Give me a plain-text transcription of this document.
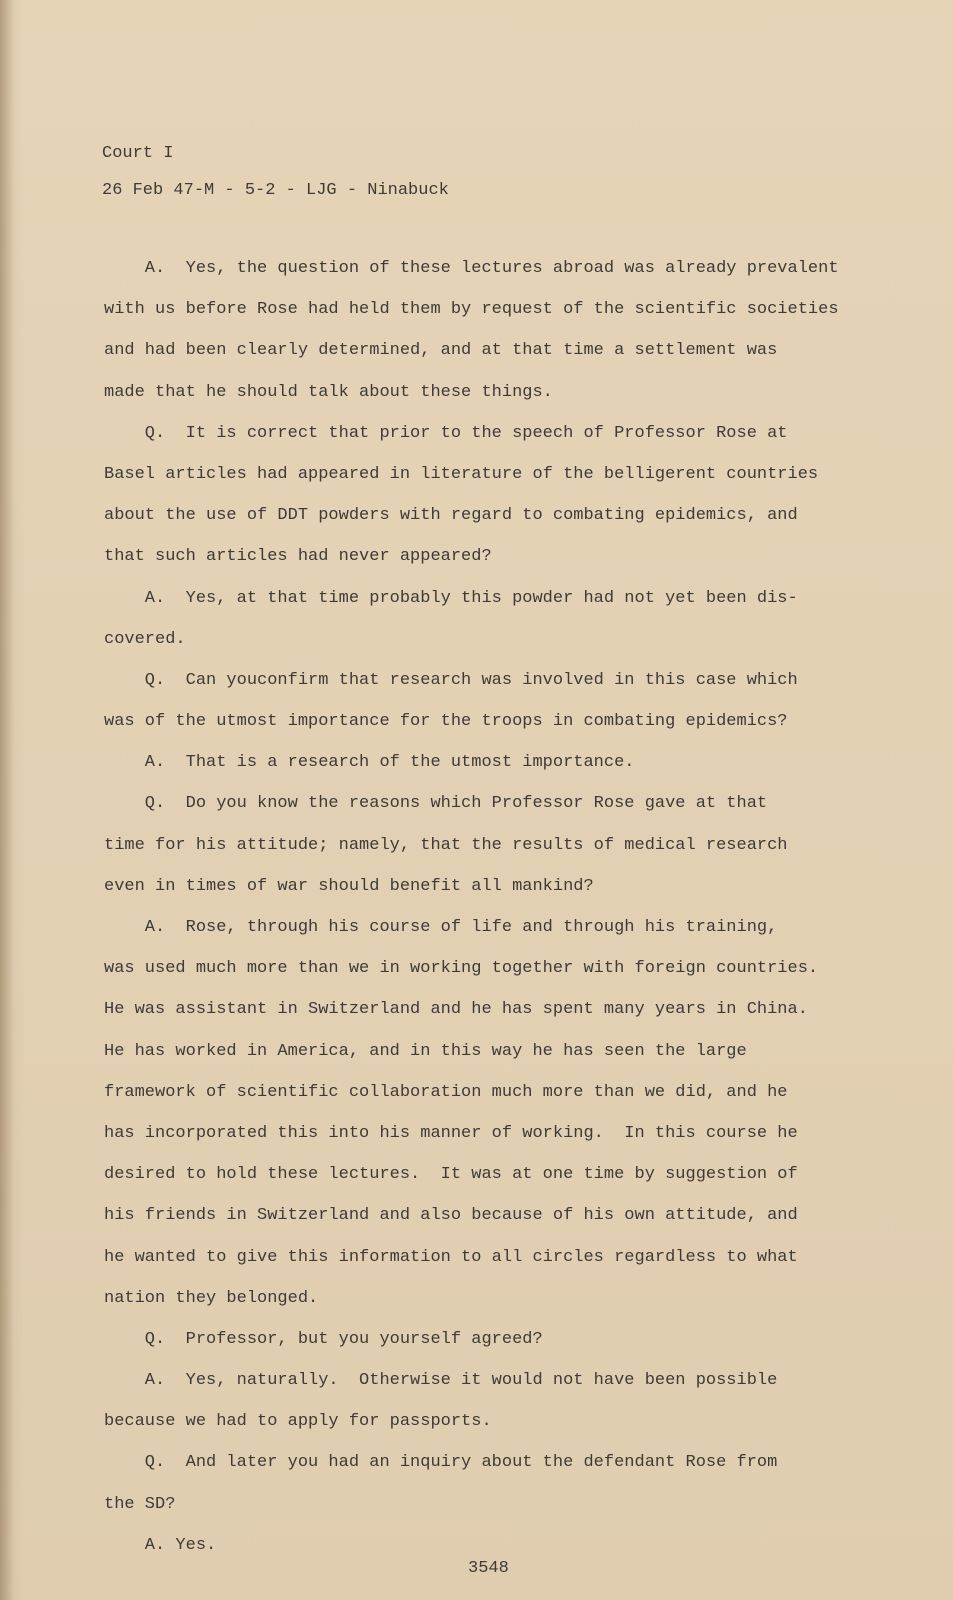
Court I
26 Feb 47-M - 5-2 - LJG - Ninabuck
A.  Yes, the question of these lectures abroad was already prevalent
with us before Rose had held them by request of the scientific societies
and had been clearly determined, and at that time a settlement was
made that he should talk about these things.
Q.  It is correct that prior to the speech of Professor Rose at
Basel articles had appeared in literature of the belligerent countries
about the use of DDT powders with regard to combating epidemics, and
that such articles had never appeared?
A.  Yes, at that time probably this powder had not yet been dis-
covered.
Q.  Can youconfirm that research was involved in this case which
was of the utmost importance for the troops in combating epidemics?
A.  That is a research of the utmost importance.
Q.  Do you know the reasons which Professor Rose gave at that
time for his attitude; namely, that the results of medical research
even in times of war should benefit all mankind?
A.  Rose, through his course of life and through his training,
was used much more than we in working together with foreign countries.
He was assistant in Switzerland and he has spent many years in China.
He has worked in America, and in this way he has seen the large
framework of scientific collaboration much more than we did, and he
has incorporated this into his manner of working.  In this course he
desired to hold these lectures.  It was at one time by suggestion of
his friends in Switzerland and also because of his own attitude, and
he wanted to give this information to all circles regardless to what
nation they belonged.
Q.  Professor, but you yourself agreed?
A.  Yes, naturally.  Otherwise it would not have been possible
because we had to apply for passports.
Q.  And later you had an inquiry about the defendant Rose from
the SD?
A. Yes.
3548
